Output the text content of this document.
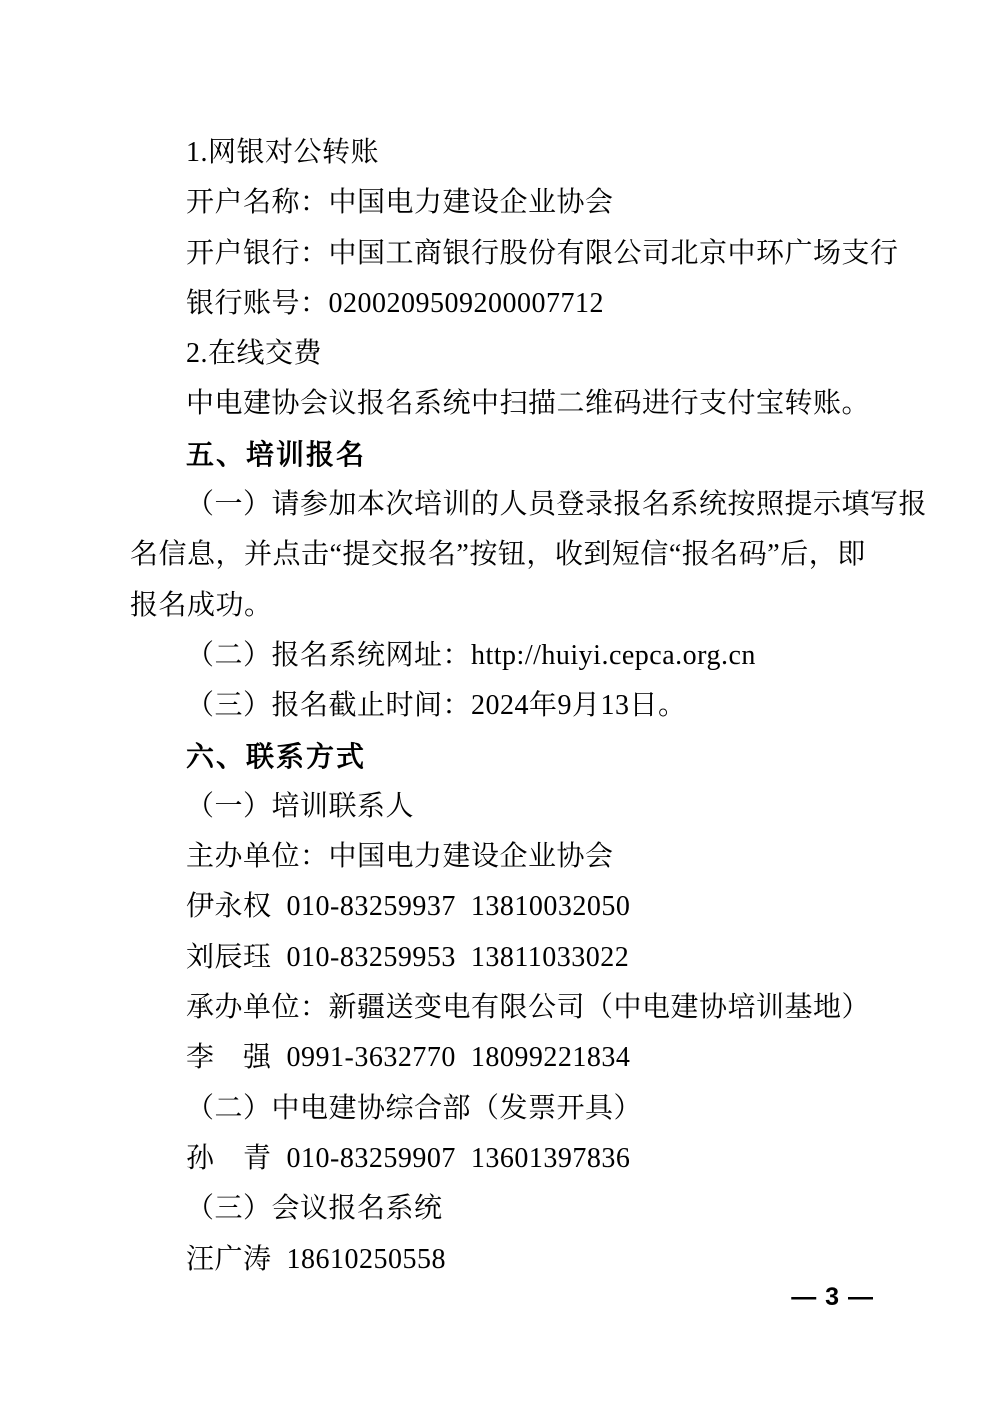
1.网银对公转账
开户名称：中国电力建设企业协会
开户银行：中国工商银行股份有限公司北京中环广场支行
银行账号：0200209509200007712
2.在线交费
中电建协会议报名系统中扫描二维码进行支付宝转账。
五、培训报名
（一）请参加本次培训的人员登录报名系统按照提示填写报
名信息，并点击“提交报名”按钮，收到短信“报名码”后，即
报名成功。
（二）报名系统网址：http://huiyi.cepca.org.cn
（三）报名截止时间：2024年9月13日。
六、联系方式
（一）培训联系人
主办单位：中国电力建设企业协会
伊永权  010-83259937  13810032050
刘辰珏  010-83259953  13811033022
承办单位：新疆送变电有限公司（中电建协培训基地）
李　强  0991-3632770  18099221834
（二）中电建协综合部（发票开具）
孙　青  010-83259907  13601397836
（三）会议报名系统
汪广涛  18610250558
— 3 —
